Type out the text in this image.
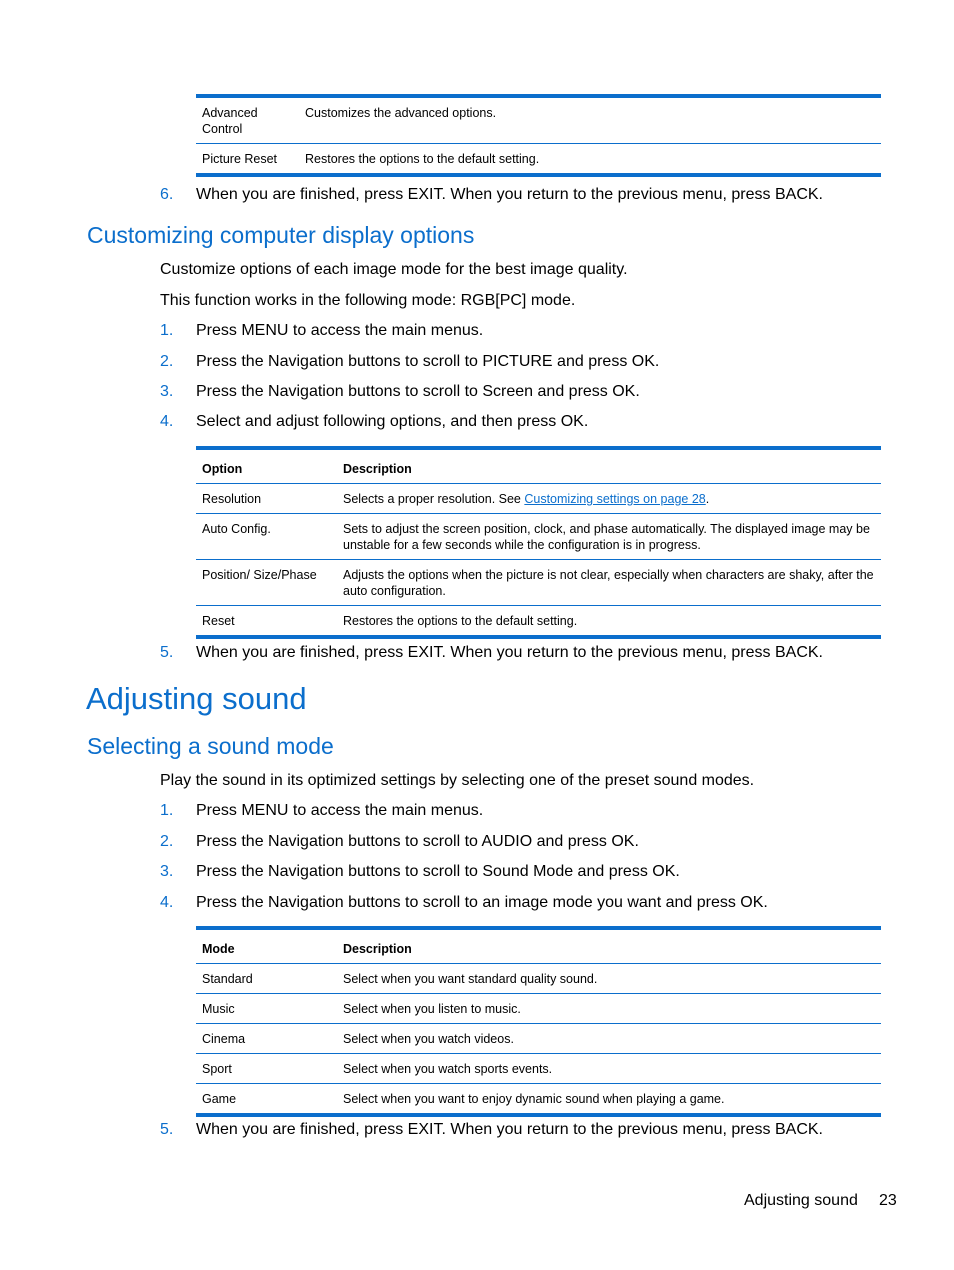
Advanced Control	Customizes the advanced options.
Picture Reset	Restores the options to the default setting.
6. When you are finished, press EXIT. When you return to the previous menu, press BACK.
Customizing computer display options
Customize options of each image mode for the best image quality.
This function works in the following mode: RGB[PC] mode.
1. Press MENU to access the main menus.
2. Press the Navigation buttons to scroll to PICTURE and press OK.
3. Press the Navigation buttons to scroll to Screen and press OK.
4. Select and adjust following options, and then press OK.
Option	Description
Resolution	Selects a proper resolution. See Customizing settings on page 28.
Auto Config.	Sets to adjust the screen position, clock, and phase automatically. The displayed image may be unstable for a few seconds while the configuration is in progress.
Position/ Size/Phase	Adjusts the options when the picture is not clear, especially when characters are shaky, after the auto configuration.
Reset	Restores the options to the default setting.
5. When you are finished, press EXIT. When you return to the previous menu, press BACK.
Adjusting sound
Selecting a sound mode
Play the sound in its optimized settings by selecting one of the preset sound modes.
1. Press MENU to access the main menus.
2. Press the Navigation buttons to scroll to AUDIO and press OK.
3. Press the Navigation buttons to scroll to Sound Mode and press OK.
4. Press the Navigation buttons to scroll to an image mode you want and press OK.
Mode	Description
Standard	Select when you want standard quality sound.
Music	Select when you listen to music.
Cinema	Select when you watch videos.
Sport	Select when you watch sports events.
Game	Select when you want to enjoy dynamic sound when playing a game.
5. When you are finished, press EXIT. When you return to the previous menu, press BACK.
Adjusting sound 23
